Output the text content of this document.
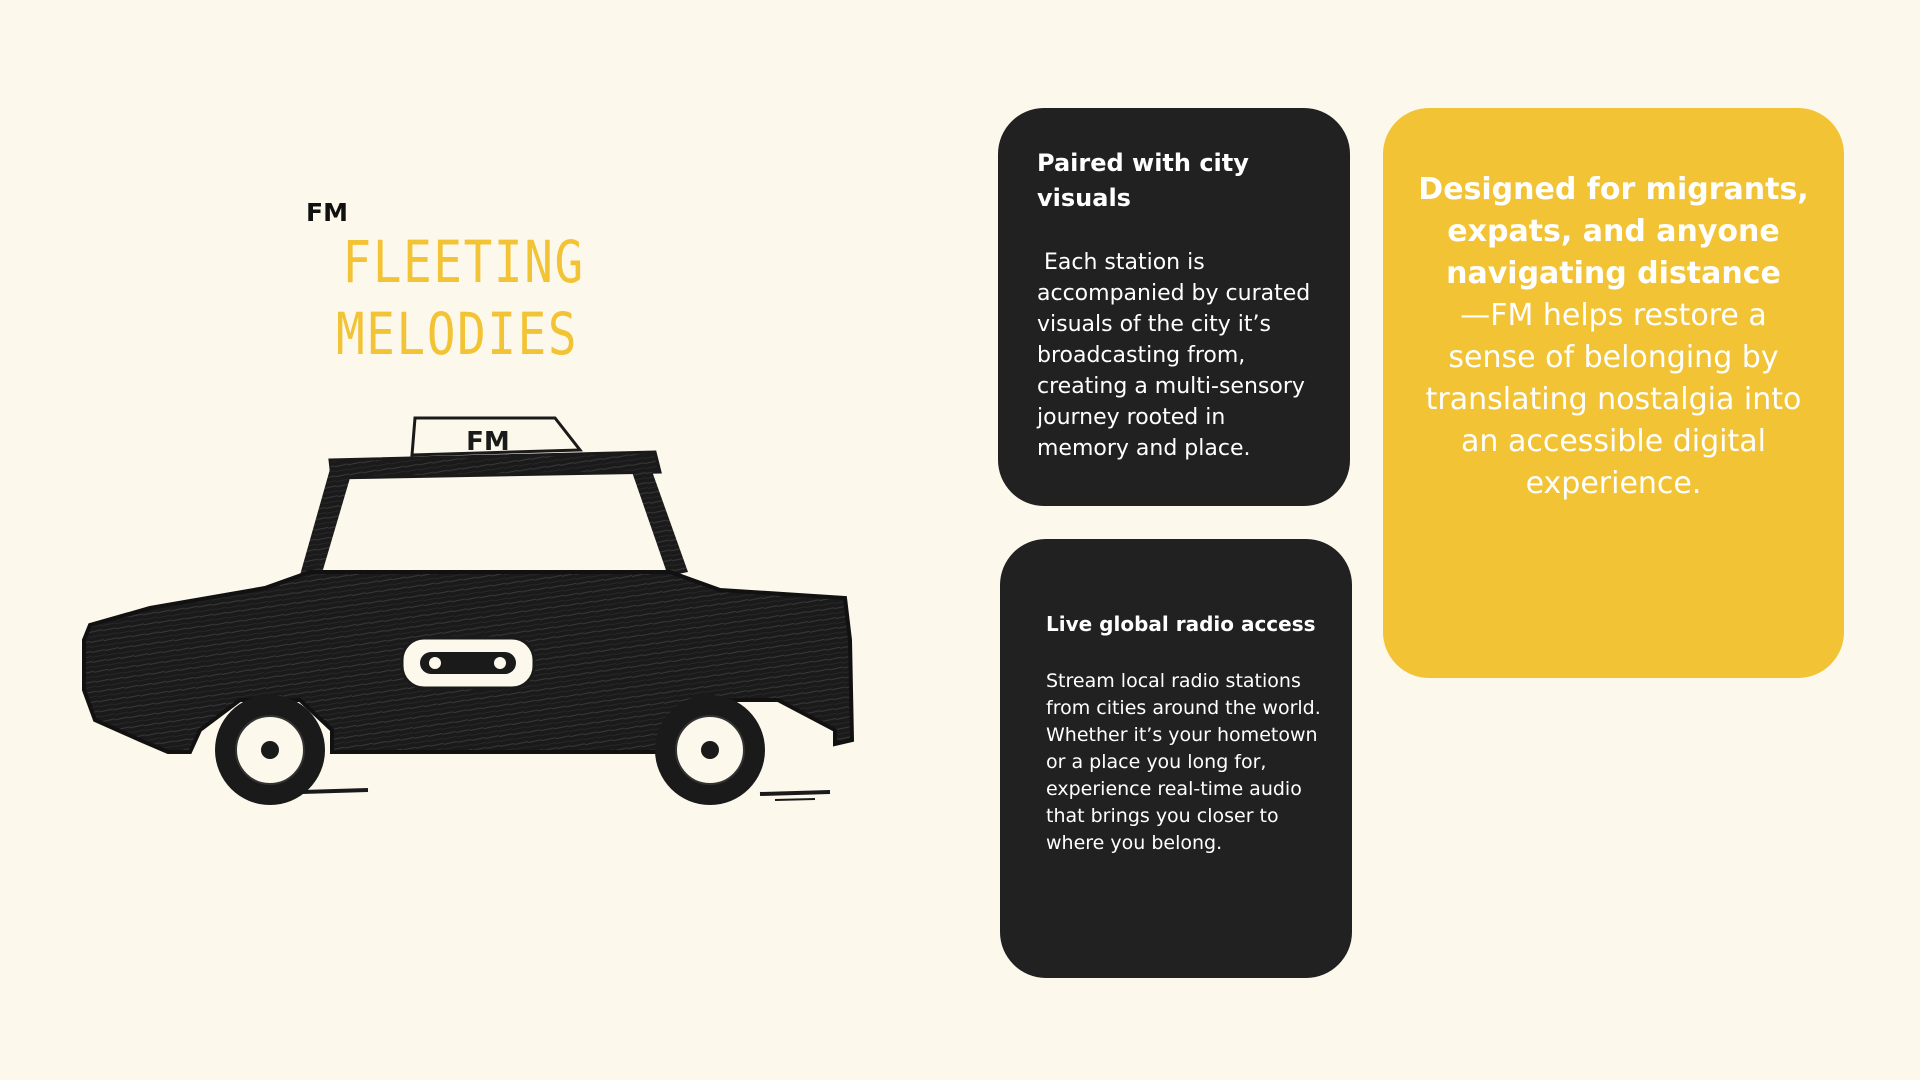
FM
FLEETING
MELODIES
FM
Paired with city visuals
Each station is accompanied by curated visuals of the city it’s broadcasting from, creating a multi-sensory journey rooted in memory and place.
Live global radio access
Stream local radio stations from cities around the world. Whether it’s your hometown or a place you long for, experience real-time audio that brings you closer to where you belong.
Designed for migrants, expats, and anyone navigating distance
—FM helps restore a sense of belonging by translating nostalgia into an accessible digital experience.
